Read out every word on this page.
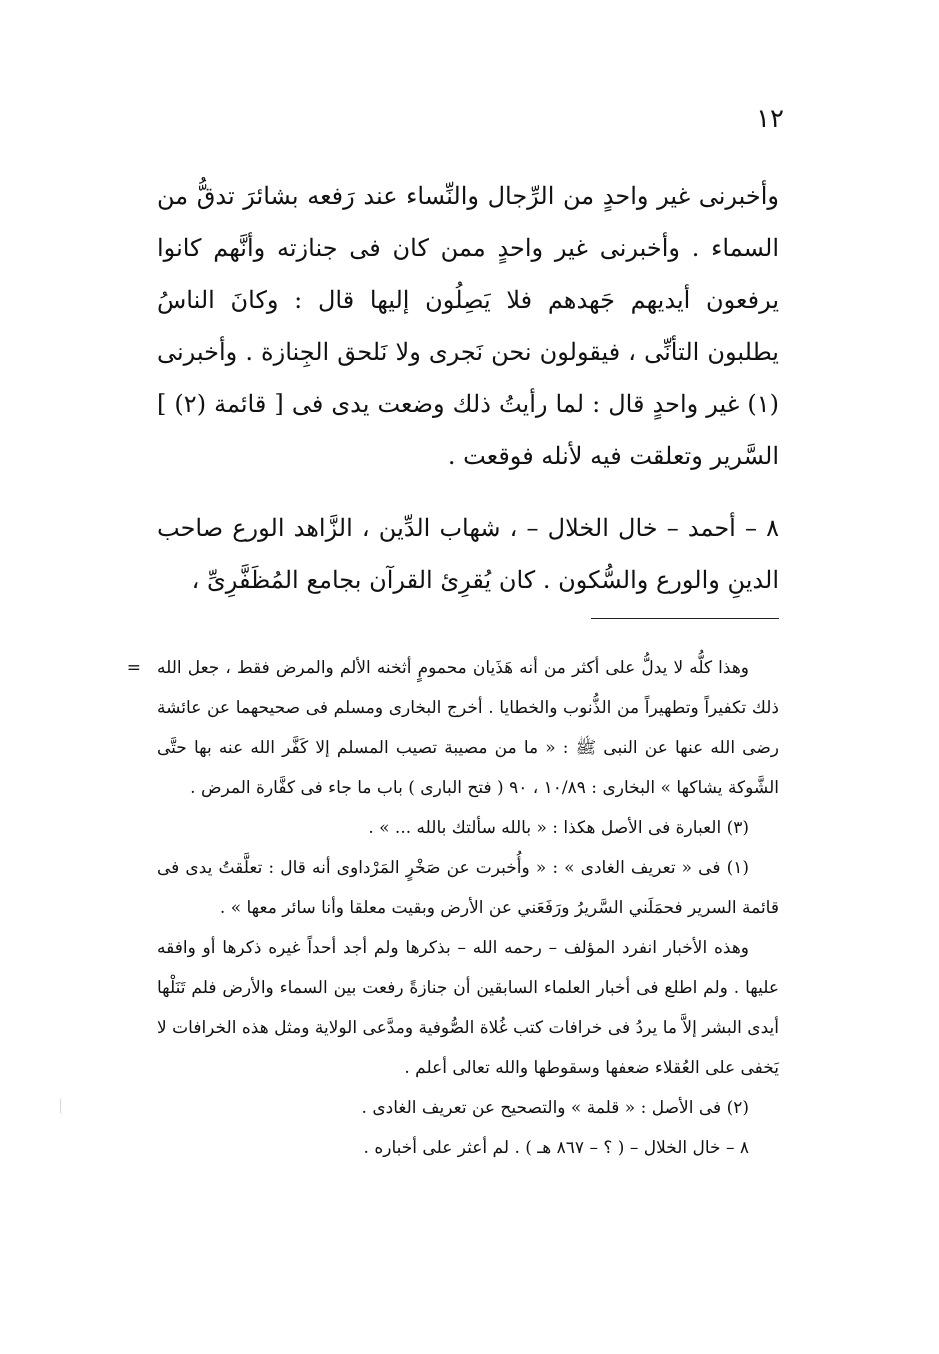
١٢

وأخبرنى غير واحدٍ من الرِّجال والنِّساء عند رَفعه بشائرَ تدقُّ من السماء . وأخبرنى غير واحدٍ ممن كان فى جنازته وأنَّهم كانوا يرفعون أيديهم جَهدهم فلا يَصِلُون إليها قال : وكانَ الناسُ يطلبون التأنِّى ، فيقولون نحن نَجرى ولا نَلحق الجِنازة . وأخبرنى (١) غير واحدٍ قال : لما رأيتُ ذلك وضعت يدى فى [ قائمة (٢) ] السَّرير وتعلقت فيه لأنله فوقعت .

٨ – أحمد – خال الخلال – ، شهاب الدِّين ، الزَّاهد الورع صاحب الدينِ والورع والسُّكون . كان يُقرِئ القرآن بجامع المُظَفَّرِىِّ ،

= وهذا كلُّه لا يدلُّ على أكثر من أنه هَذَيان محمومٍ أثخنه الألم والمرض فقط ، جعل الله ذلك تكفيراً وتطهيراً من الذُّنوب والخطايا . أخرج البخارى ومسلم فى صحيحهما عن عائشة رضى الله عنها عن النبى ﷺ : « ما من مصيبة تصيب المسلم إلا كَفَّر الله عنه بها حتَّى الشَّوكة يشاكها » البخارى : ١٠/٨٩ ، ٩٠ ( فتح البارى ) باب ما جاء فى كفَّارة المرض .

(٣) العبارة فى الأصل هكذا : « بالله سألتك بالله ... » .

(١) فى « تعريف الغادى » : « وأُخبرت عن صَخْرٍ المَرْداوى أنه قال : تعلَّقتُ يدى فى قائمة السرير فحمَلَني السَّريرُ ورَفَعَني عن الأرض وبقيت معلقا وأنا سائر معها » .

وهذه الأخبار انفرد المؤلف – رحمه الله – بذكرها ولم أجد أحداً غيره ذكرها أو وافقه عليها . ولم اطلع فى أخبار العلماء السابقين أن جنازةً رفعت بين السماء والأرض فلم تَنَلْها أيدى البشر إلاَّ ما يردُ فى خرافات كتب غُلاة الصُّوفية ومدَّعى الولاية ومثل هذه الخرافات لا يَخفى على العُقلاء ضعفها وسقوطها والله تعالى أعلم .

(٢) فى الأصل : « قلمة » والتصحيح عن تعريف الغادى .

٨ – خال الخلال – ( ؟ – ٨٦٧ هـ ) . لم أعثر على أخباره .
